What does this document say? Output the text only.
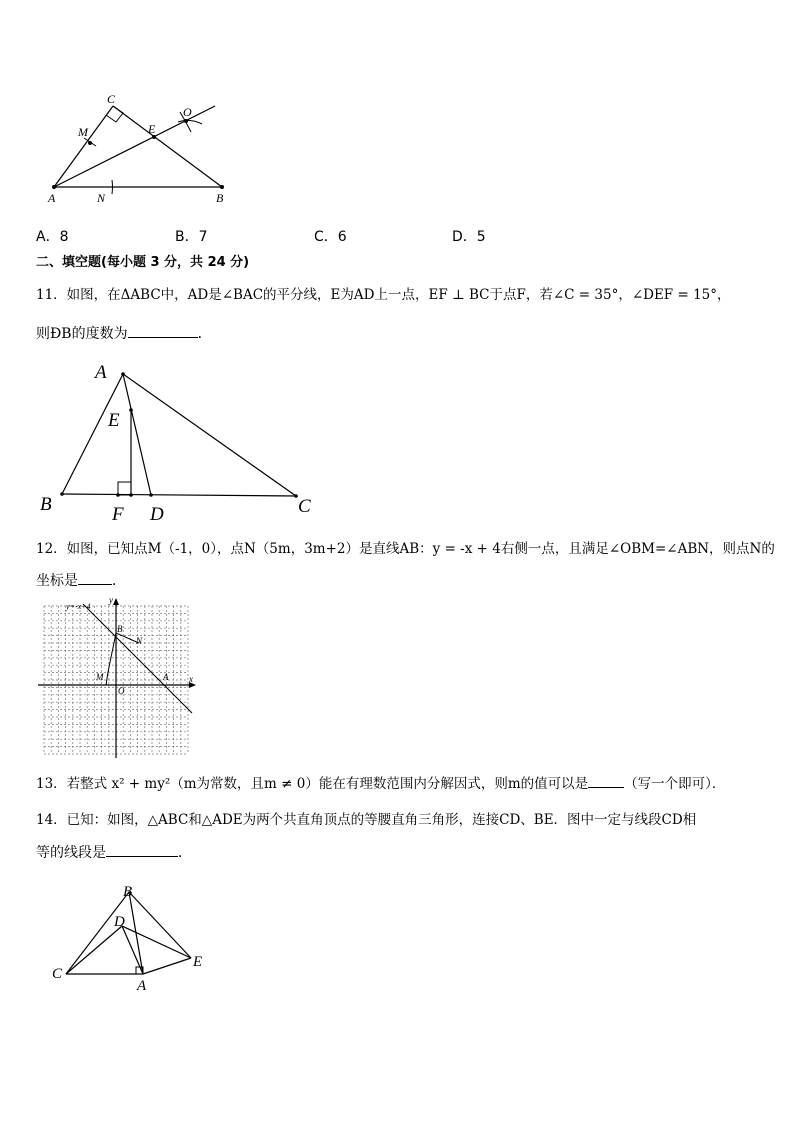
C
M	E
O
A	N	B
A．8	B．7	C．6	D．5
二、填空题(每小题 3 分，共 24 分)
11．如图，在ΔABC中，AD是∠BAC的平分线，E为AD上一点，EF ⊥ BC于点F，若∠C = 35°，∠DEF = 15°，
则ÐB的度数为	．
A
E
B	F D	C
12．如图，已知点M（-1，0），点N（5m，3m+2）是直线AB：y = -x + 4右侧一点，且满足∠OBM=∠ABN，则点N的
坐标是 ．
y=-x+4
y
x
B
N
M
O
A
13．若整式 x² + my²（m为常数，且m ≠ 0）能在有理数范围内分解因式，则m的值可以是	（写一个即可）．
14．已知：如图，△ABC和△ADE为两个共直角顶点的等腰直角三角形，连接CD、BE．图中一定与线段CD相
等的线段是	．
B
D
C
A
E
